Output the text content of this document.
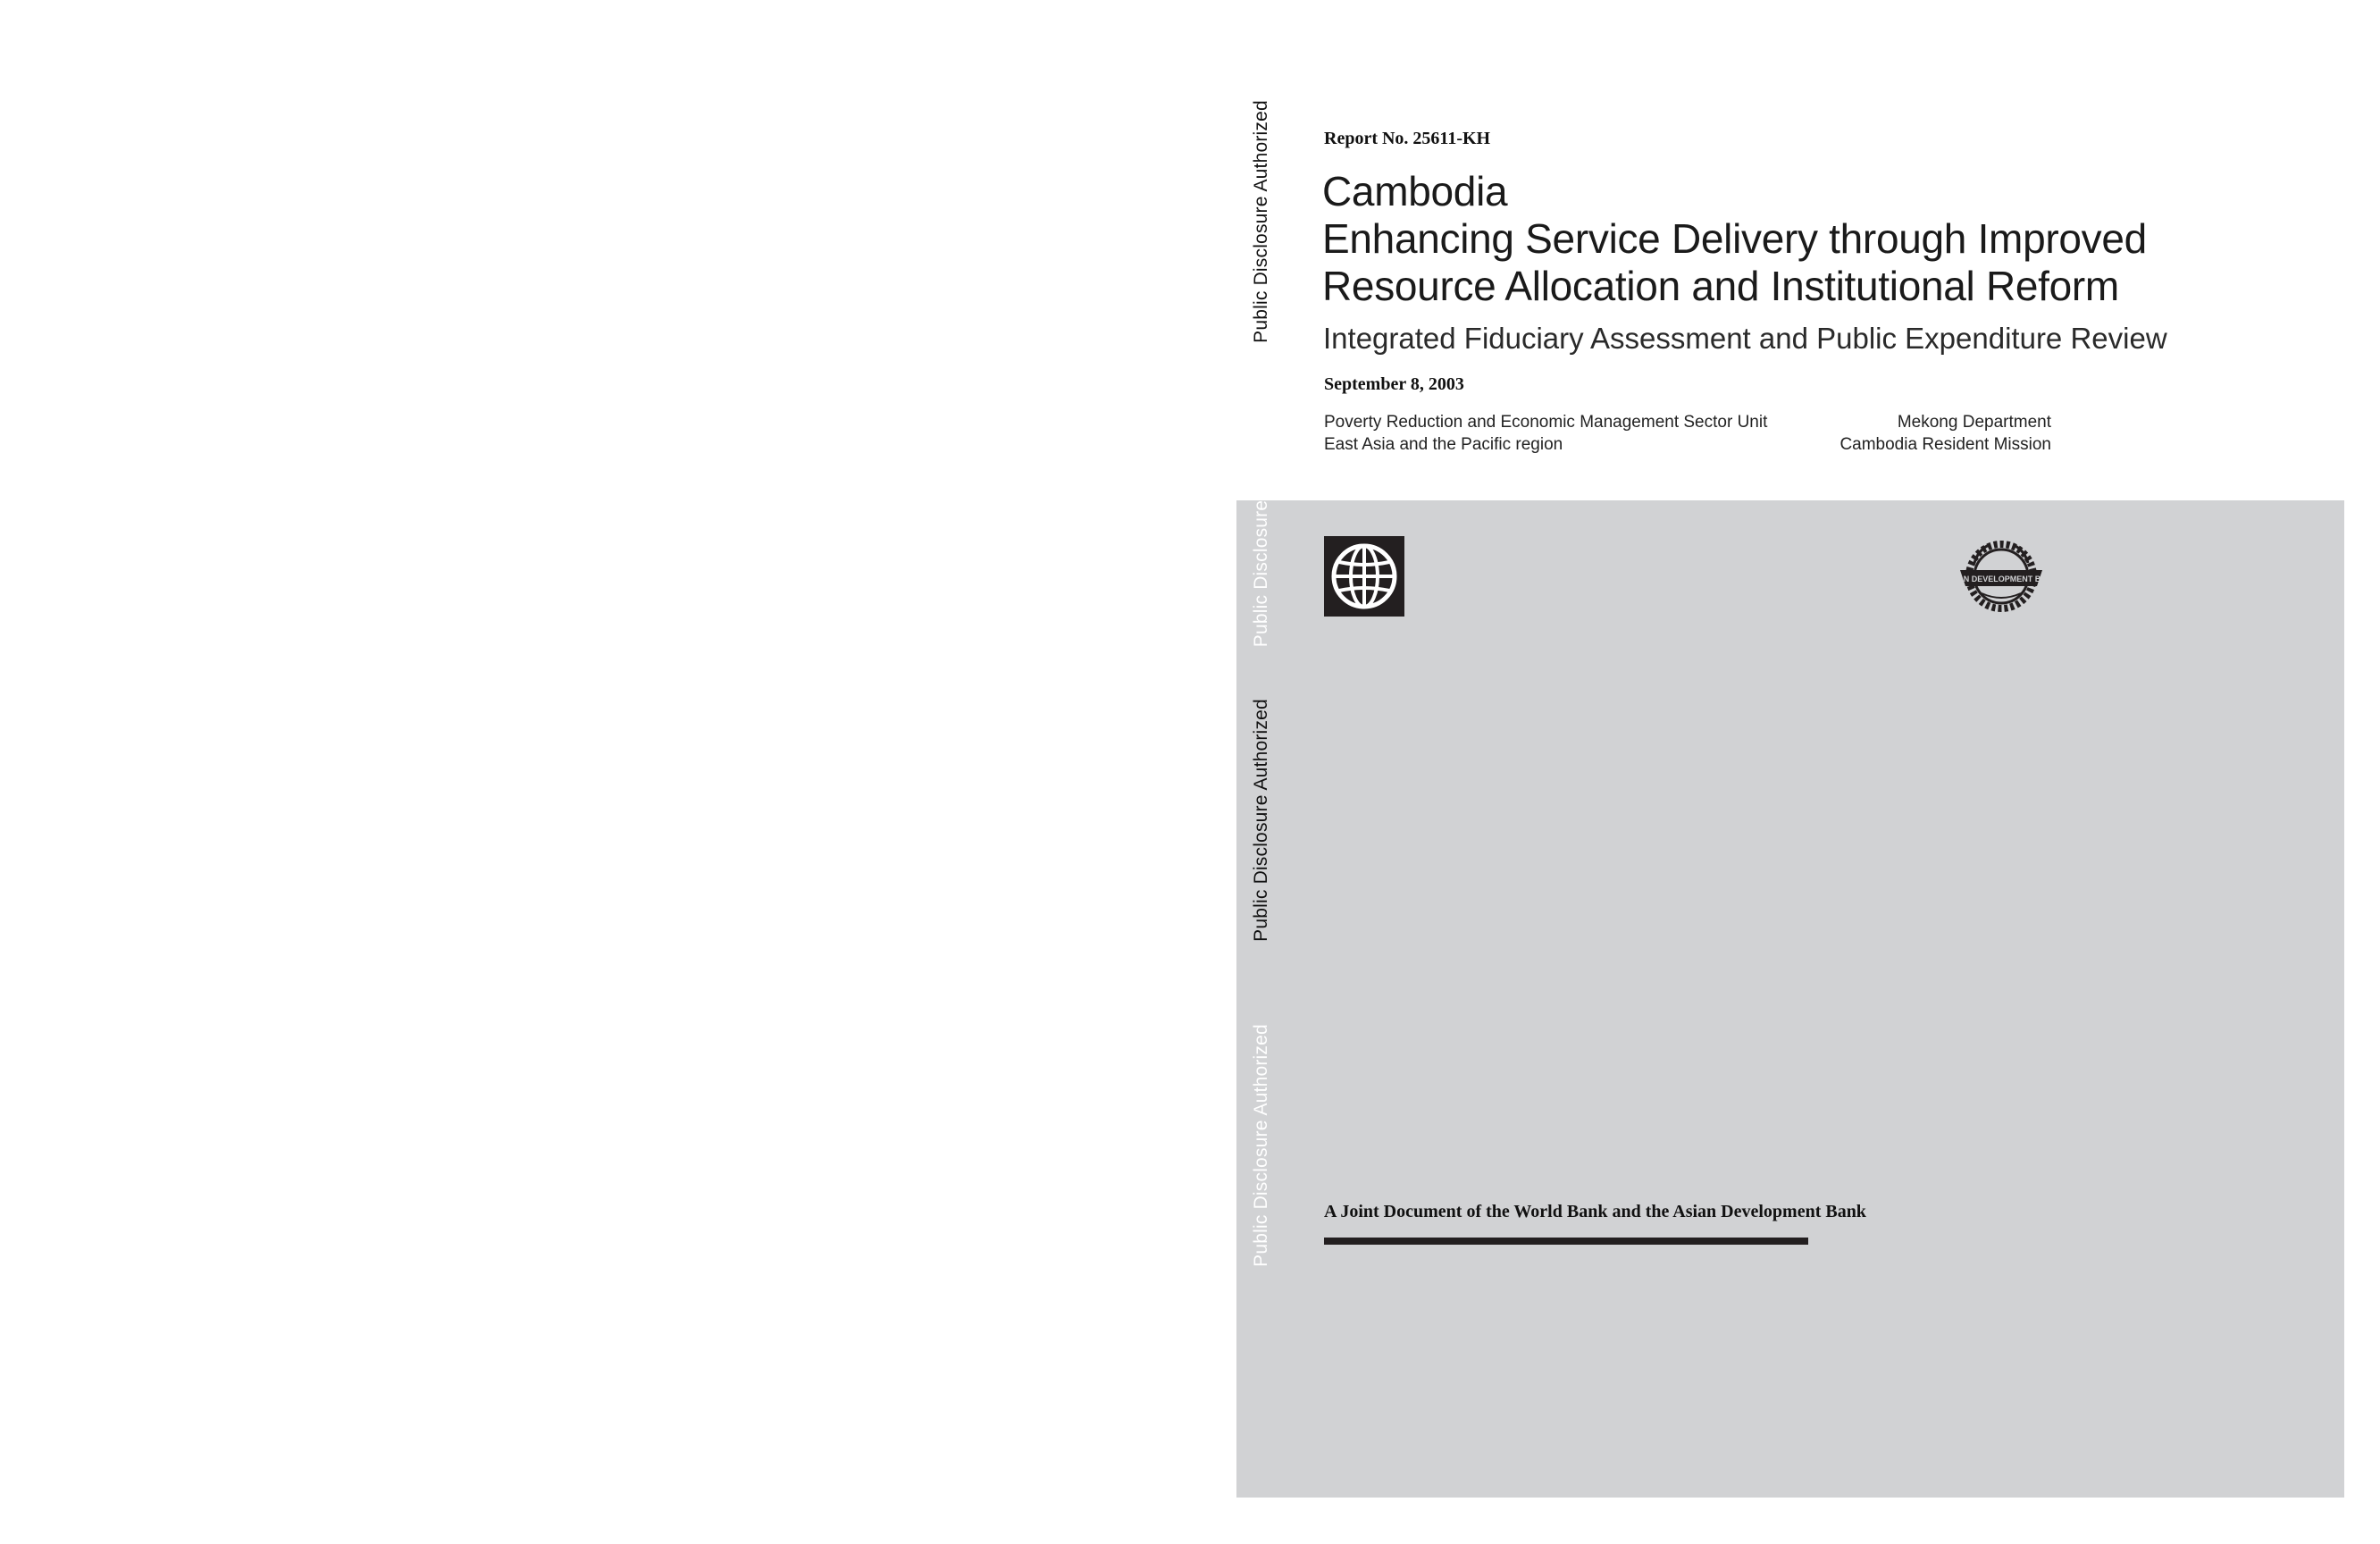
Public Disclosure Authorized
Public Disclosure
Public Disclosure Authorized
Public Disclosure Authorized
Report No. 25611-KH
Cambodia
Enhancing Service Delivery through Improved
Resource Allocation and Institutional Reform
Integrated Fiduciary Assessment and Public Expenditure Review
September 8, 2003
Poverty Reduction and Economic Management Sector Unit
East Asia and the Pacific region
Mekong Department
Cambodia Resident Mission
ASIAN DEVELOPMENT BANK
A Joint Document of the World Bank and the Asian Development Bank
